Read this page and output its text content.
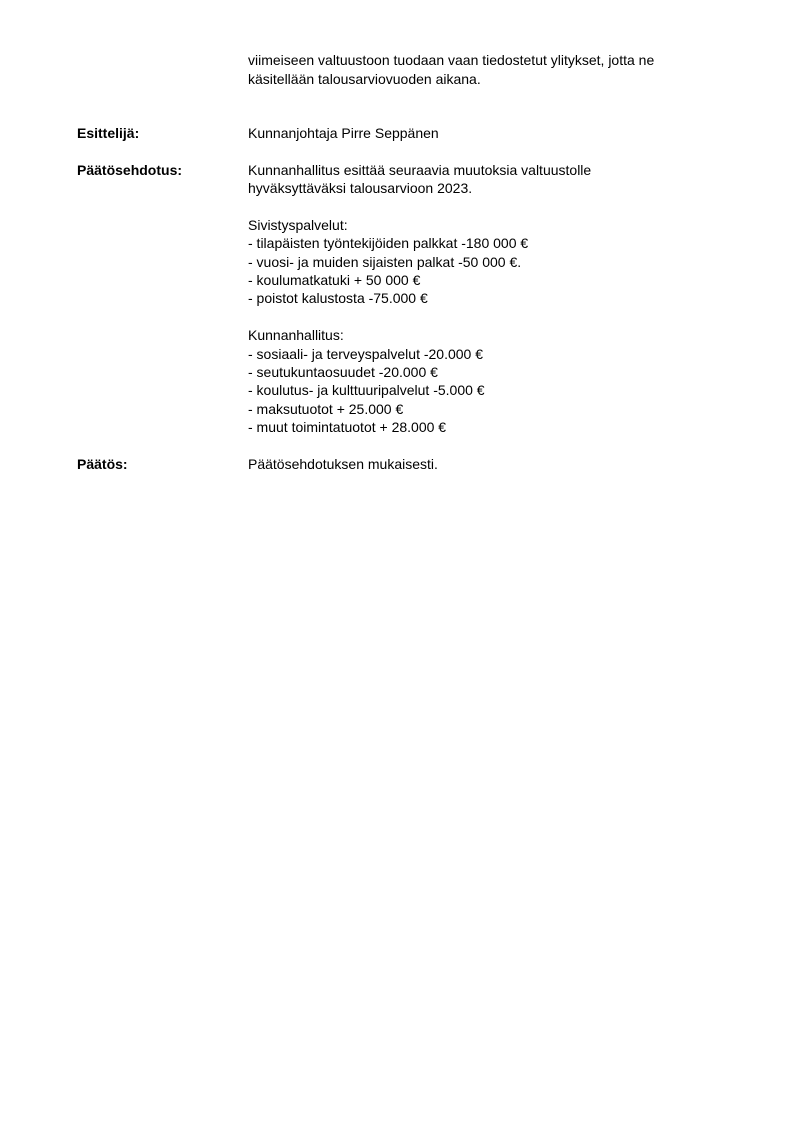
viimeiseen valtuustoon tuodaan vaan tiedostetut ylitykset, jotta ne
käsitellään talousarviovuoden aikana.
Esittelijä:	Kunnanjohtaja Pirre Seppänen
Päätösehdotus:	Kunnanhallitus esittää seuraavia muutoksia valtuustolle
hyväksyttäväksi talousarvioon 2023.
Sivistyspalvelut:
- tilapäisten työntekijöiden palkkat -180 000 €
- vuosi- ja muiden sijaisten palkat -50 000 €.
- koulumatkatuki + 50 000 €
- poistot kalustosta -75.000 €
Kunnanhallitus:
- sosiaali- ja terveyspalvelut -20.000 €
- seutukuntaosuudet -20.000 €
- koulutus- ja kulttuuripalvelut -5.000 €
- maksutuotot + 25.000 €
- muut toimintatuotot + 28.000 €
Päätös:	Päätösehdotuksen mukaisesti.
